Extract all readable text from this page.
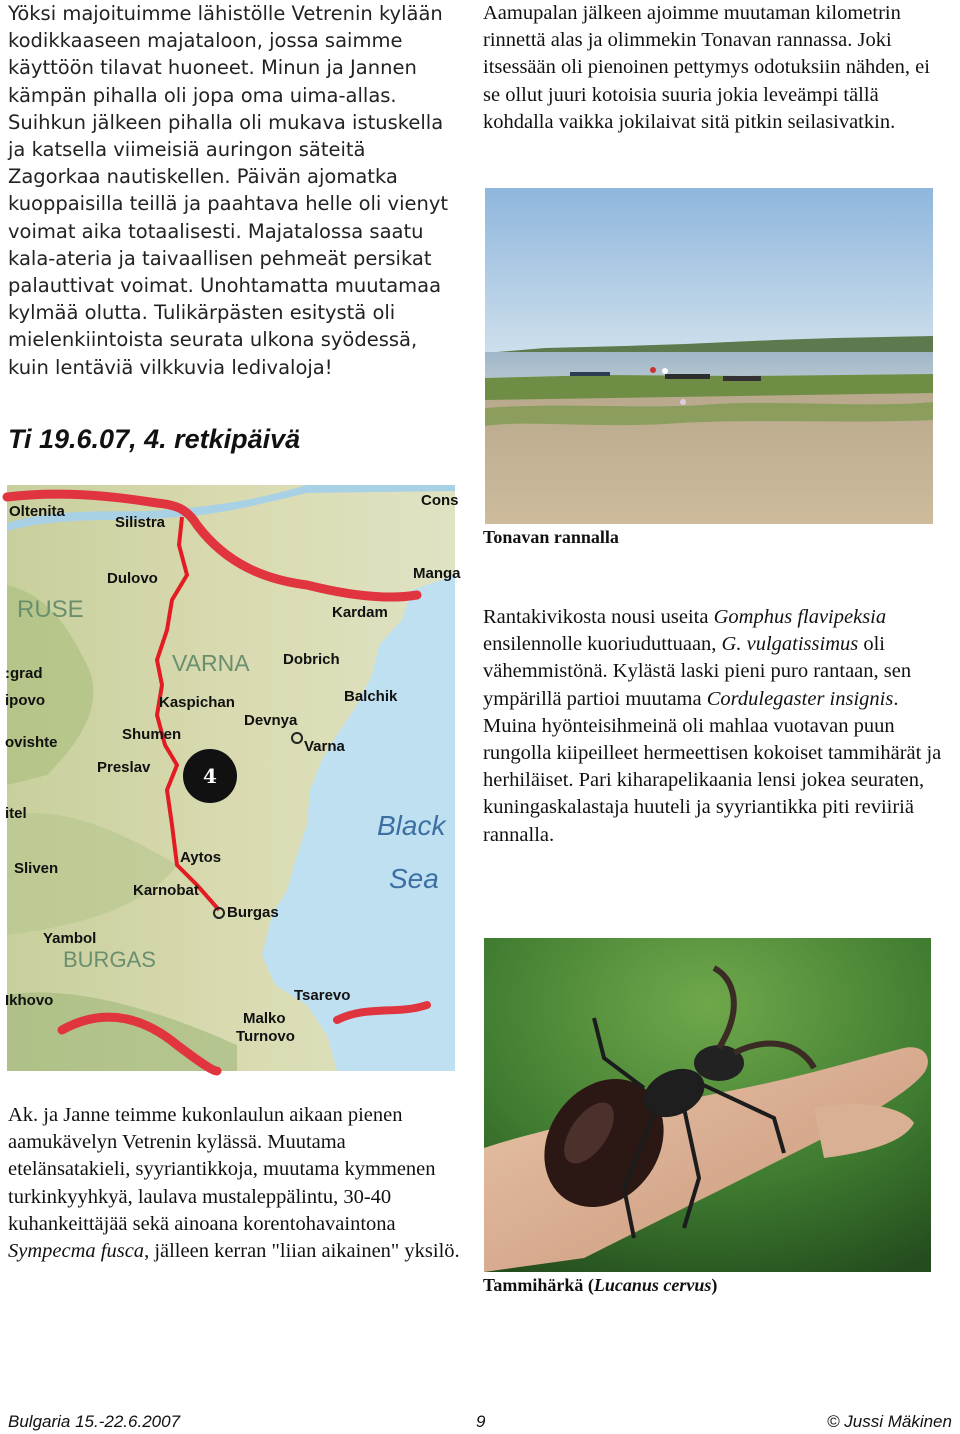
Yöksi majoituimme lähistölle Vetrenin kylään kodikkaaseen majataloon, jossa saimme käyttöön tilavat huoneet. Minun ja Jannen kämpän pihalla oli jopa oma uima-allas. Suihkun jälkeen pihalla oli mukava istuskella ja katsella viimeisiä auringon säteitä Zagorkaa nautiskellen. Päivän ajomatka kuoppaisilla teillä ja paahtava helle oli vienyt voimat aika totaalisesti. Majatalossa saatu kala-ateria ja taivaallisen pehmeät persikat palauttivat voimat. Unohtamatta muutamaa kylmää olutta. Tulikärpästen esitystä oli mielenkiintoista seurata ulkona syödessä, kuin lentäviä vilkkuvia ledivaloja!

Aamupalan jälkeen ajoimme muutaman kilometrin rinnettä alas ja olimmekin Tonavan rannassa. Joki itsessään oli pienoinen pettymys odotuksiin nähden, ei se ollut juuri kotoisia suuria jokia leveämpi tällä kohdalla vaikka jokilaivat sitä pitkin seilasivatkin.

Tonavan rannalla
Ti 19.6.07, 4. retkipäivä
4
Oltenita
Silistra
Cons
Manga
Dulovo
RUSE	Kardam
:grad	VARNA Dobrich
ipovo	Kaspichan	Balchik
ovishte	Shumen
Devnya
Varna
Preslav
itel	Black
Sea
Aytos
Sliven
Karnobat
Burgas
Yambol
BURGAS
Tsarevo
Ikhovo
Malko
Turnovo

Rantakivikosta nousi useita Gomphus flavipeksia ensilennolle kuoriuduttuaan, G. vulgatissimus oli vähemmistönä. Kylästä laski pieni puro rantaan, sen ympärillä partioi muutama Cordulegaster insignis. Muina hyönteisihmeinä oli mahlaa vuotavan puun rungolla kiipeilleet hermeettisen kokoiset tammihärät ja herhiläiset. Pari kiharapelikaania lensi jokea seuraten, kuningaskalastaja huuteli ja syyriantikka piti reviiriä rannalla.

Tammihärkä (Lucanus cervus)

Ak. ja Janne teimme kukonlaulun aikaan pienen aamukävelyn Vetrenin kylässä. Muutama etelänsatakieli, syyriantikkoja, muutama kymmenen turkinkyyhkyä, laulava mustaleppälintu, 30-40 kuhankeittäjää sekä ainoana korentohavaintona Sympecma fusca, jälleen kerran "liian aikainen" yksilö.

Bulgaria 15.-22.6.2007	9	© Jussi Mäkinen
